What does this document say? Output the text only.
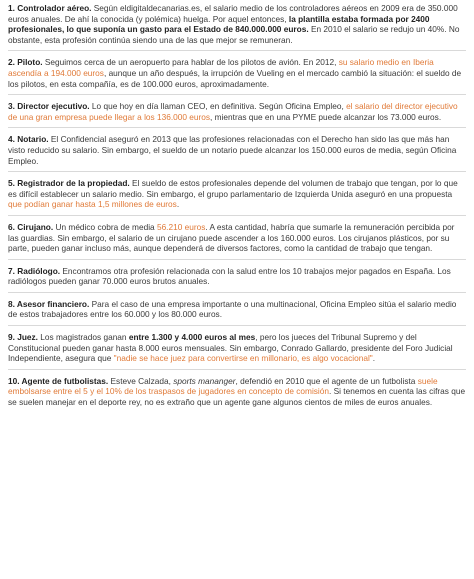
1. Controlador aéreo. Según eldigitaldecanarias.es, el salario medio de los controladores aéreos en 2009 era de 350.000 euros anuales. De ahí la conocida (y polémica) huelga. Por aquel entonces, la plantilla estaba formada por 2400 profesionales, lo que suponía un gasto para el Estado de 840.000.000 euros. En 2010 el salario se redujo un 40%. No obstante, esta profesión continúa siendo una de las que mejor se remuneran.

2. Piloto. Seguimos cerca de un aeropuerto para hablar de los pilotos de avión. En 2012, su salario medio en Iberia ascendía a 194.000 euros, aunque un año después, la irrupción de Vueling en el mercado cambió la situación: el sueldo de los pilotos, en esta compañía, es de 100.000 euros, aproximadamente.

3. Director ejecutivo. Lo que hoy en día llaman CEO, en definitiva. Según Oficina Empleo, el salario del director ejecutivo de una gran empresa puede llegar a los 136.000 euros, mientras que en una PYME puede alcanzar los 73.000 euros.

4. Notario. El Confidencial aseguró en 2013 que las profesiones relacionadas con el Derecho han sido las que más han visto reducido su salario. Sin embargo, el sueldo de un notario puede alcanzar los 150.000 euros de media, según Oficina Empleo.

5. Registrador de la propiedad. El sueldo de estos profesionales depende del volumen de trabajo que tengan, por lo que es difícil establecer un salario medio. Sin embargo, el grupo parlamentario de Izquierda Unida aseguró en una propuesta que podían ganar hasta 1,5 millones de euros.

6. Cirujano. Un médico cobra de media 56.210 euros. A esta cantidad, habría que sumarle la remuneración percibida por las guardias. Sin embargo, el salario de un cirujano puede ascender a los 160.000 euros. Los cirujanos plásticos, por su parte, pueden ganar incluso más, aunque dependerá de diversos factores, como la cantidad de trabajo que tengan.

7. Radiólogo. Encontramos otra profesión relacionada con la salud entre los 10 trabajos mejor pagados en España. Los radiólogos pueden ganar 70.000 euros brutos anuales.

8. Asesor financiero. Para el caso de una empresa importante o una multinacional, Oficina Empleo sitúa el salario medio de estos trabajadores entre los 60.000 y los 80.000 euros.

9. Juez. Los magistrados ganan entre 1.300 y 4.000 euros al mes, pero los jueces del Tribunal Supremo y del Constitucional pueden ganar hasta 8.000 euros mensuales. Sin embargo, Conrado Gallardo, presidente del Foro Judicial Independiente, asegura que "nadie se hace juez para convertirse en millonario, es algo vocacional".

10. Agente de futbolistas. Esteve Calzada, sports mananger, defendió en 2010 que el agente de un futbolista suele embolsarse entre el 5 y el 10% de los traspasos de jugadores en concepto de comisión. Si tenemos en cuenta las cifras que se suelen manejar en el deporte rey, no es extraño que un agente gane algunos cientos de miles de euros anuales.
